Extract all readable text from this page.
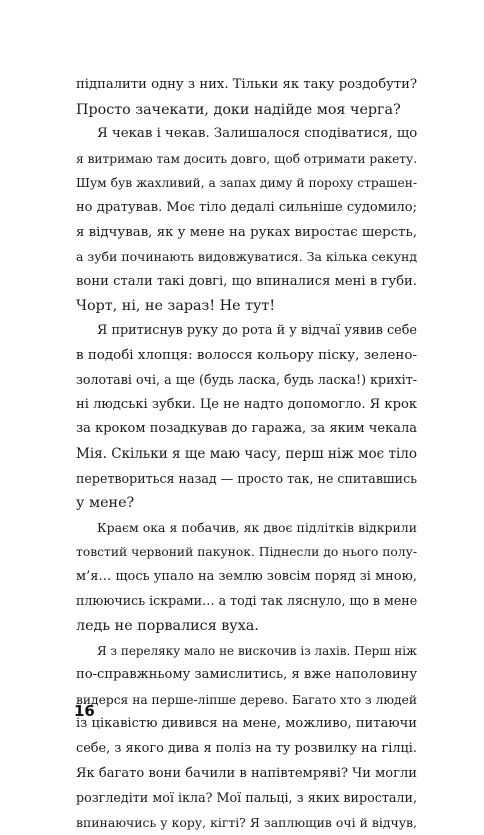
підпалити одну з них. Тільки як таку роздобути?
Просто зачекати, доки надійде моя черга?
Я чекав і чекав. Залишалося сподіватися, що
я витримаю там досить довго, щоб отримати ракету.
Шум був жахливий, а запах диму й пороху страшен-
но дратував. Моє тіло дедалі сильніше судомило;
я відчував, як у мене на руках виростає шерсть,
а зуби починають видовжуватися. За кілька секунд
вони стали такі довгі, що впиналися мені в губи.
Чорт, ні, не зараз! Не тут!
Я притиснув руку до рота й у відчаї уявив себе
в подобі хлопця: волосся кольору піску, зелено-
золотаві очі, а ще (будь ласка, будь ласка!) крихіт-
ні людські зубки. Це не надто допомогло. Я крок
за кроком позадкував до гаража, за яким чекала
Мія. Скільки я ще маю часу, перш ніж моє тіло
перетвориться назад — просто так, не спитавшись
у мене?
Краєм ока я побачив, як двоє підлітків відкрили
товстий червоний пакунок. Піднесли до нього полу-
м’я… щось упало на землю зовсім поряд зі мною,
плюючись іскрами… а тоді так ляснуло, що в мене
ледь не порвалися вуха.
Я з переляку мало не вискочив із лахів. Перш ніж
по-справжньому замислитись, я вже наполовину
видерся на перше-ліпше дерево. Багато хто з людей
із цікавістю дивився на мене, можливо, питаючи
себе, з якого дива я поліз на ту розвилку на гілці.
Як багато вони бачили в напівтемряві? Чи могли
розгледіти мої ікла? Мої пальці, з яких виростали,
впинаючись у кору, кігті? Я заплющив очі й відчув,
16
